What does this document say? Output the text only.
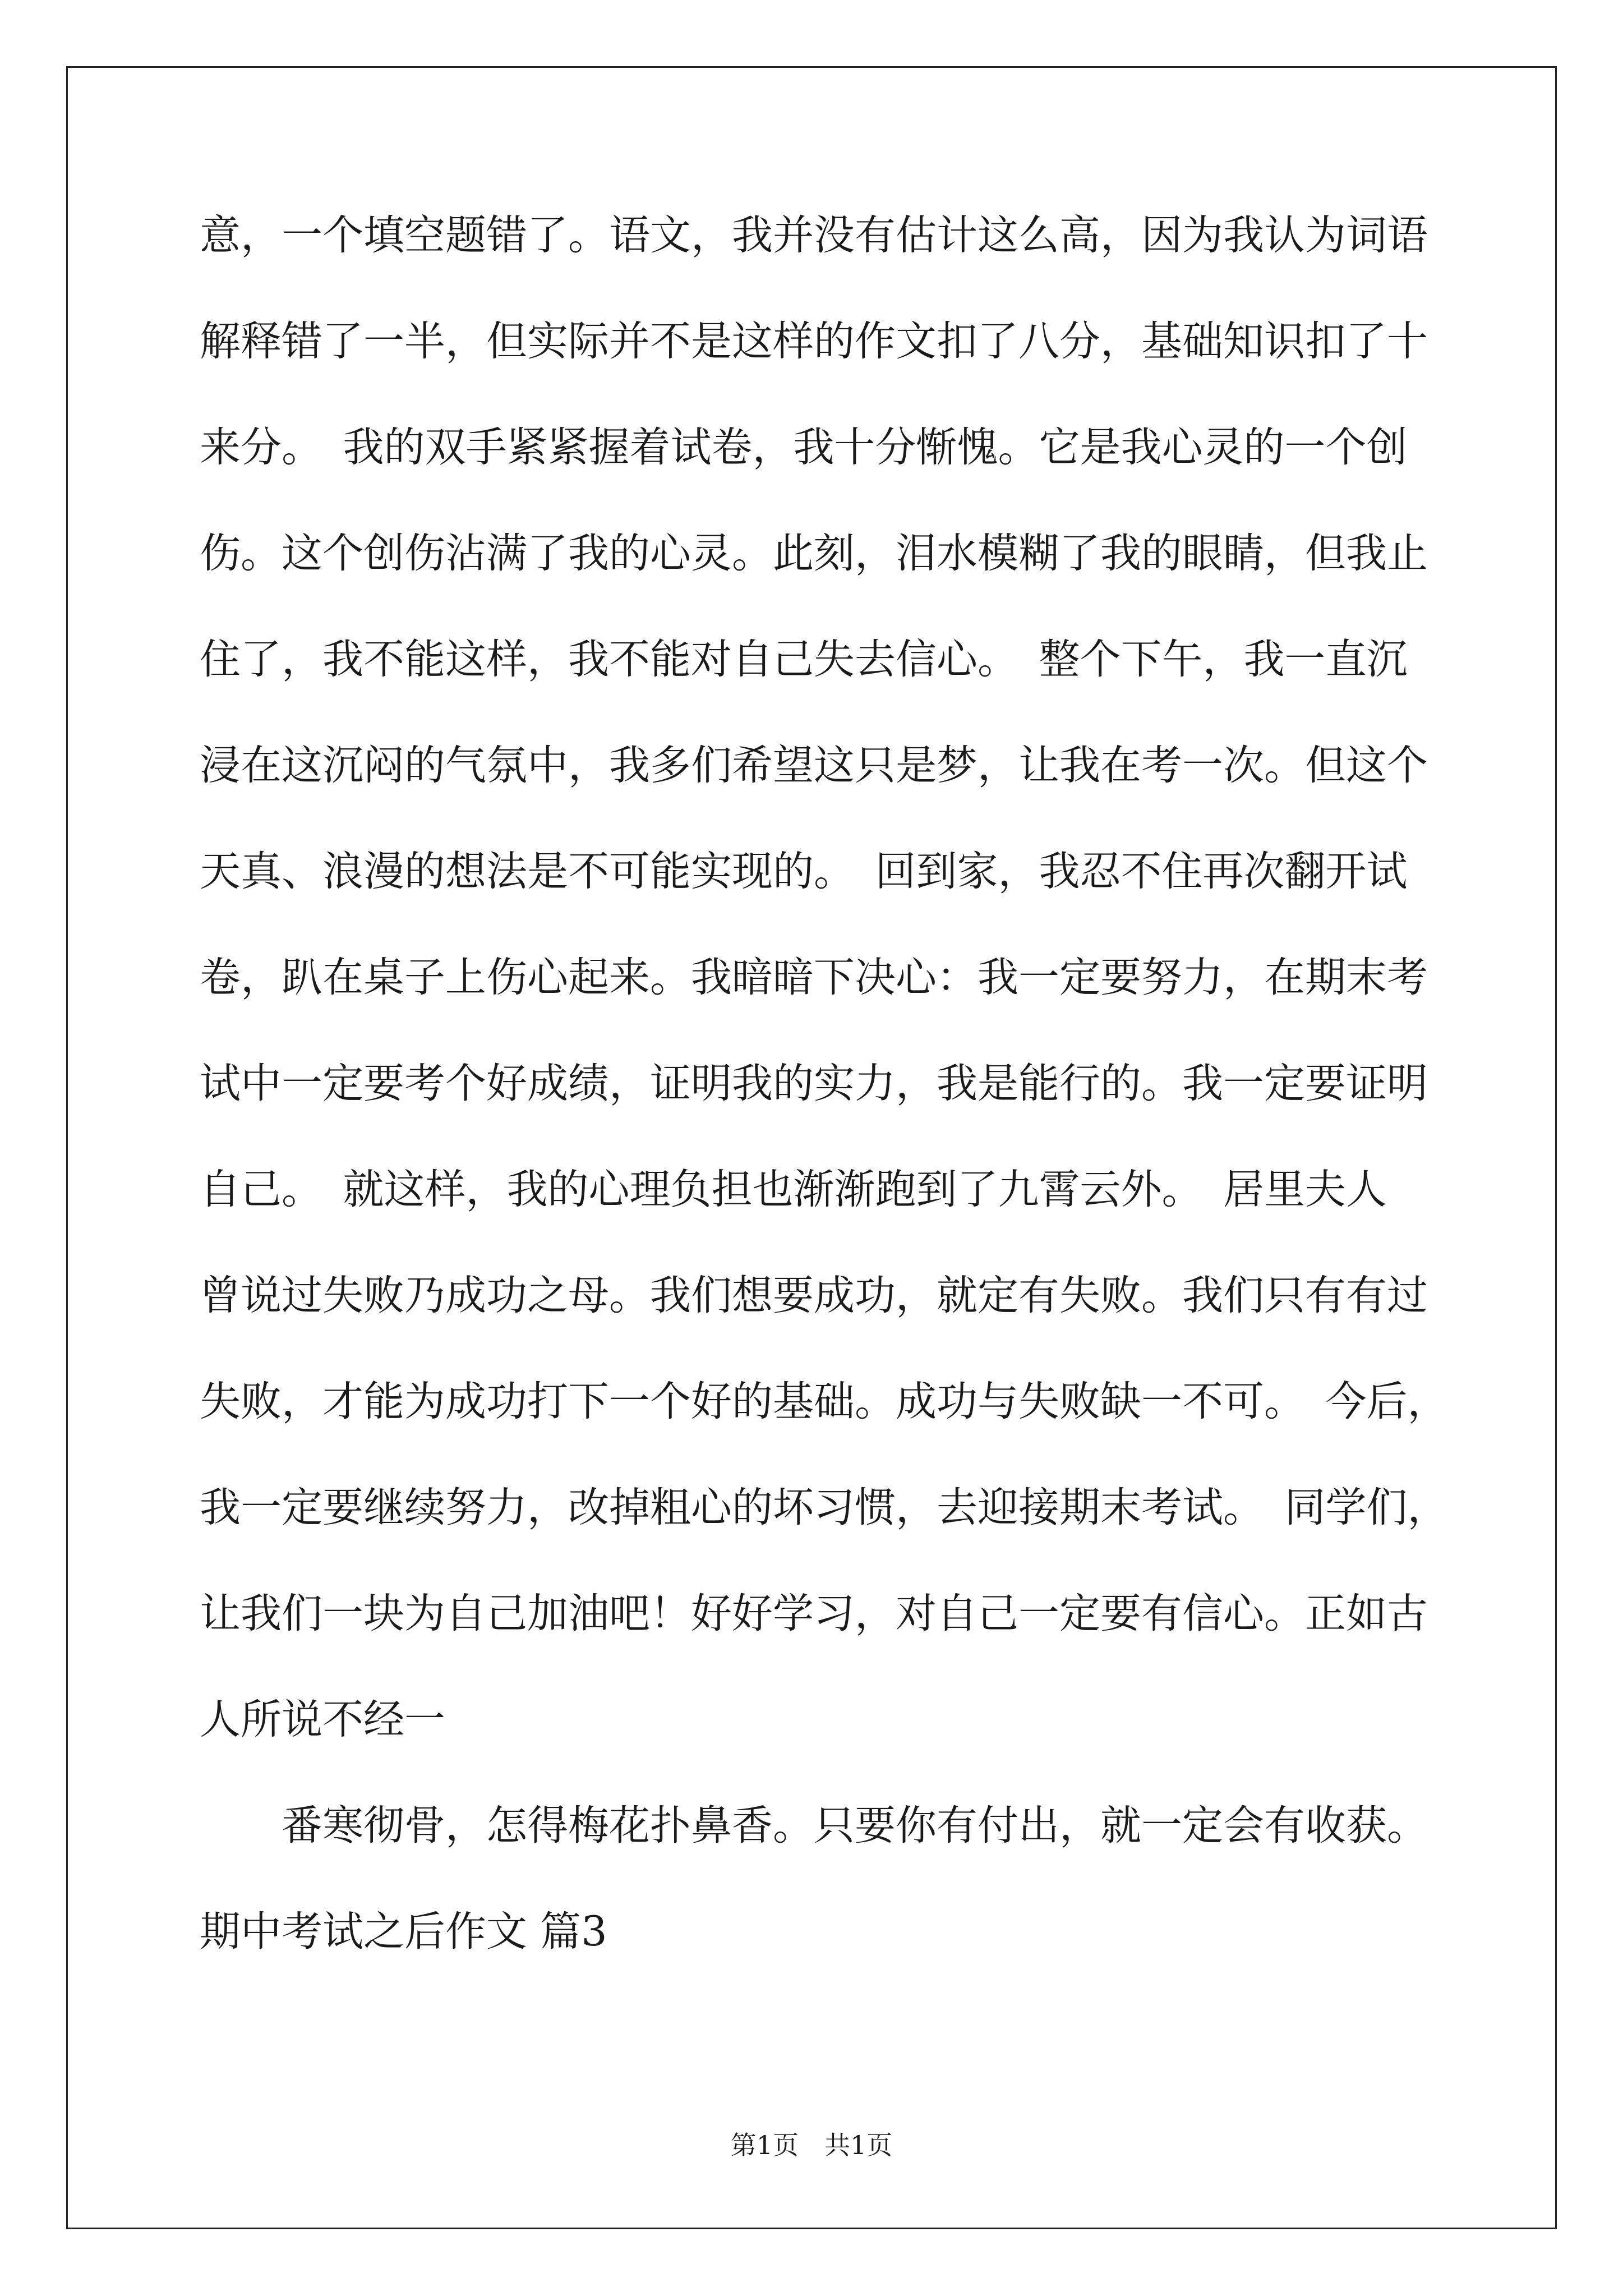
意，一个填空题错了。语文，我并没有估计这么高，因为我认为词语
解释错了一半，但实际并不是这样的作文扣了八分，基础知识扣了十
来分。　我的双手紧紧握着试卷，我十分惭愧。它是我心灵的一个创
伤。这个创伤沾满了我的心灵。此刻，泪水模糊了我的眼睛，但我止
住了，我不能这样，我不能对自己失去信心。　整个下午，我一直沉
浸在这沉闷的气氛中，我多们希望这只是梦，让我在考一次。但这个
天真、浪漫的想法是不可能实现的。　回到家，我忍不住再次翻开试
卷，趴在桌子上伤心起来。我暗暗下决心：我一定要努力，在期末考
试中一定要考个好成绩，证明我的实力，我是能行的。我一定要证明
自己。　就这样，我的心理负担也渐渐跑到了九霄云外。　居里夫人
曾说过失败乃成功之母。我们想要成功，就定有失败。我们只有有过
失败，才能为成功打下一个好的基础。成功与失败缺一不可。　今后，
我一定要继续努力，改掉粗心的坏习惯，去迎接期末考试。　同学们，
让我们一块为自己加油吧！好好学习，对自己一定要有信心。正如古
人所说不经一
番寒彻骨，怎得梅花扑鼻香。只要你有付出，就一定会有收获。
期中考试之后作文 篇3
第1页　共1页
